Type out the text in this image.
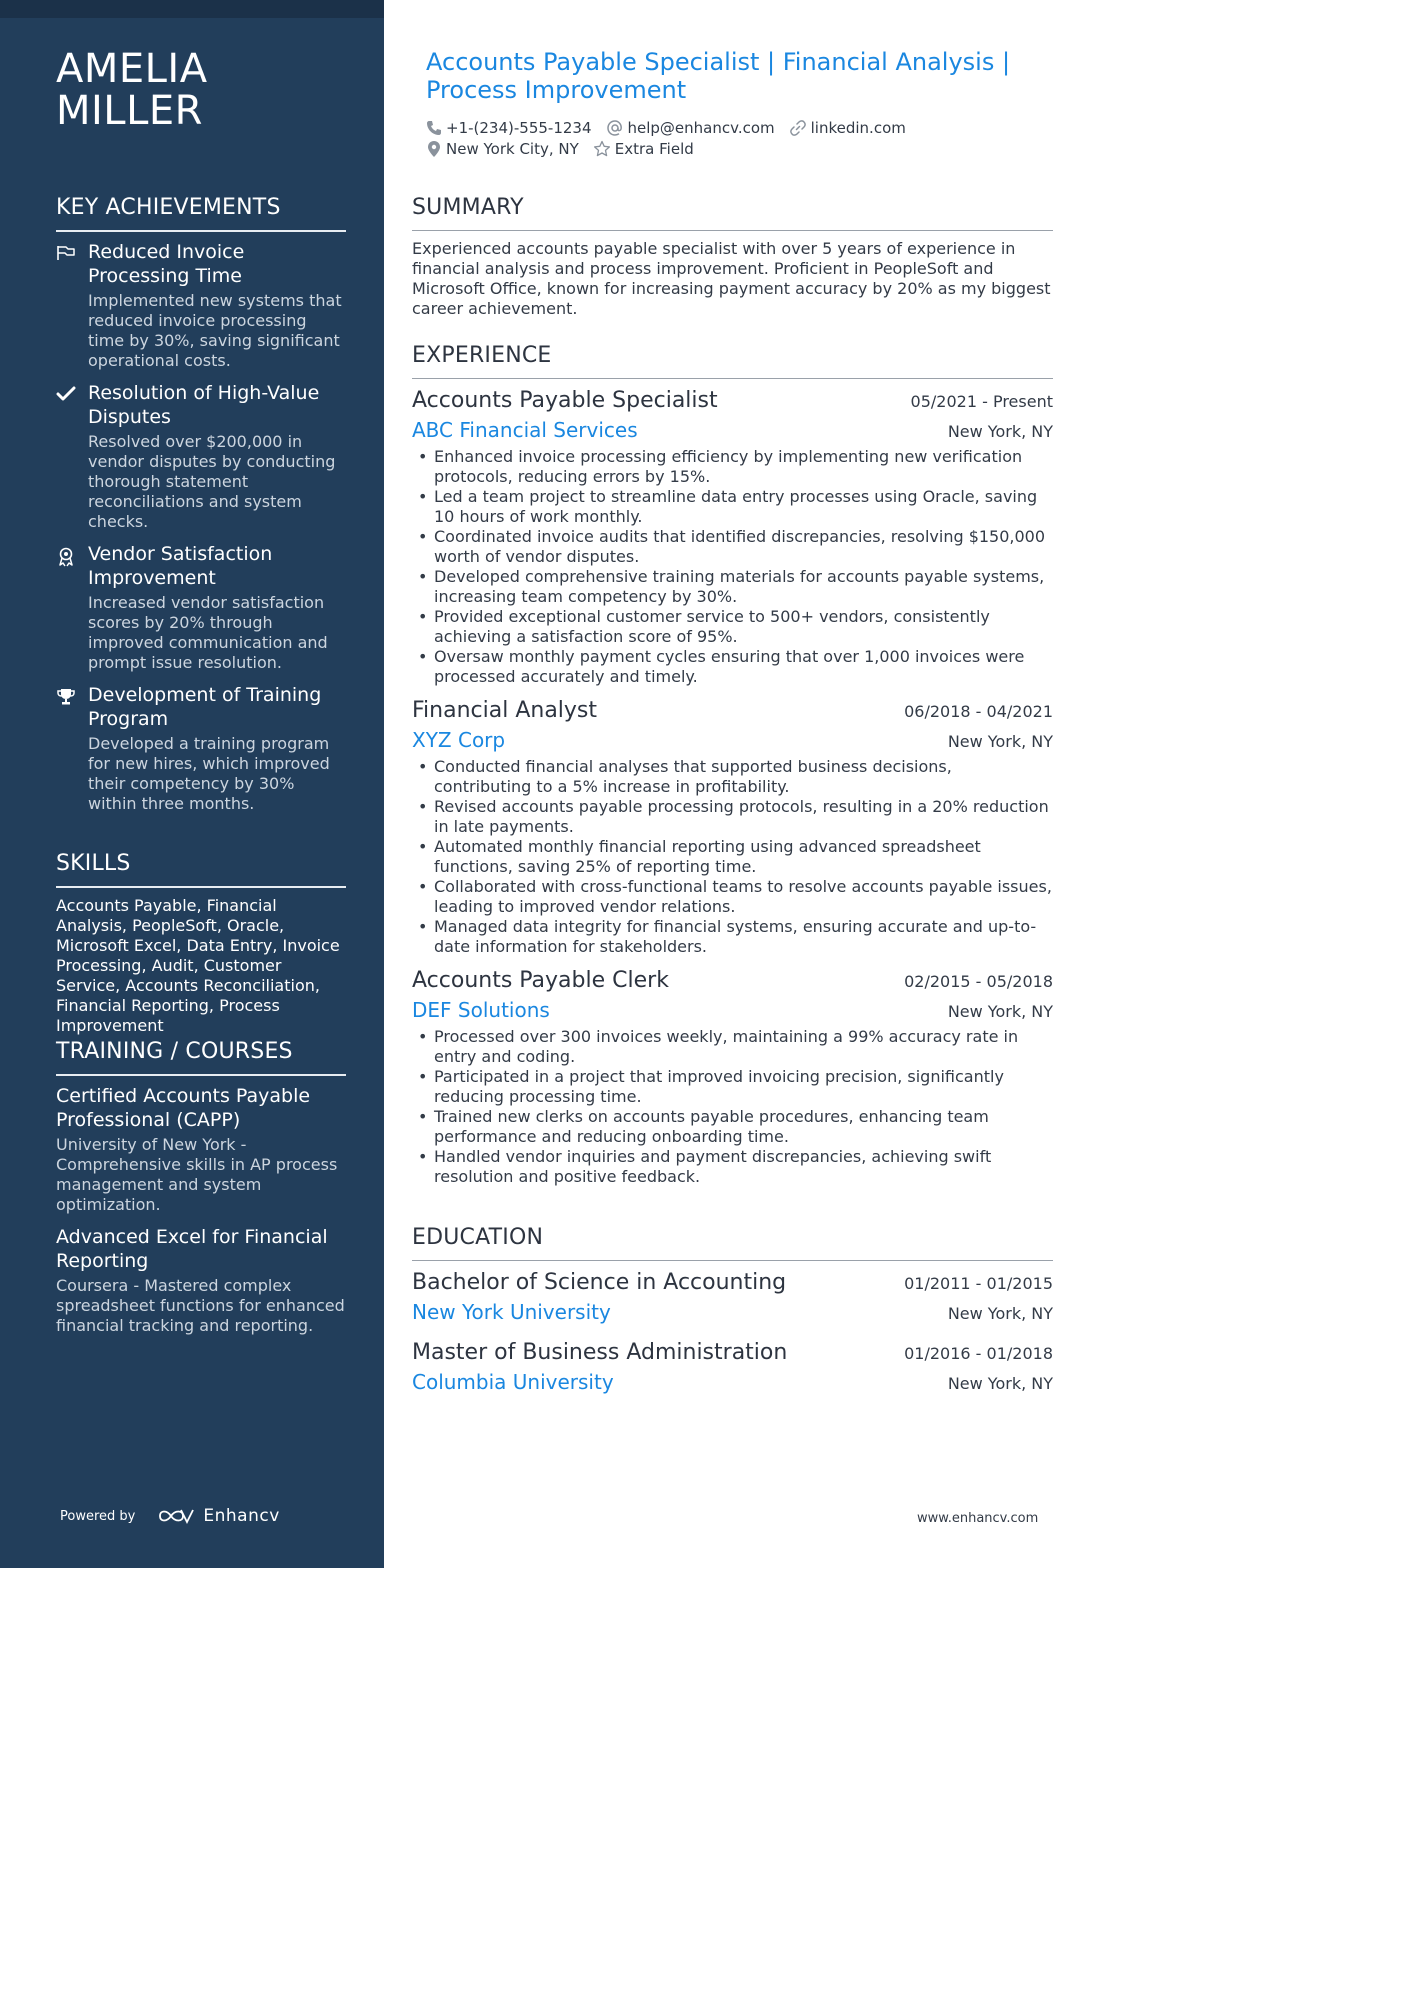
AMELIA
MILLER
KEY ACHIEVEMENTS
Reduced Invoice Processing Time
Implemented new systems that reduced invoice processing time by 30%, saving significant operational costs.
Resolution of High-Value Disputes
Resolved over $200,000 in vendor disputes by conducting thorough statement reconciliations and system checks.
Vendor Satisfaction Improvement
Increased vendor satisfaction scores by 20% through improved communication and prompt issue resolution.
Development of Training Program
Developed a training program for new hires, which improved their competency by 30% within three months.
SKILLS
Accounts Payable, Financial Analysis, PeopleSoft, Oracle, Microsoft Excel, Data Entry, Invoice Processing, Audit, Customer Service, Accounts Reconciliation, Financial Reporting, Process Improvement
TRAINING / COURSES
Certified Accounts Payable Professional (CAPP)
University of New York - Comprehensive skills in AP process management and system optimization.
Advanced Excel for Financial Reporting
Coursera - Mastered complex spreadsheet functions for enhanced financial tracking and reporting.
Powered by	Enhancv
Accounts Payable Specialist | Financial Analysis | Process Improvement
+1-(234)-555-1234 help@enhancv.com linkedin.com
New York City, NY Extra Field
SUMMARY
Experienced accounts payable specialist with over 5 years of experience in financial analysis and process improvement. Proficient in PeopleSoft and Microsoft Office, known for increasing payment accuracy by 20% as my biggest career achievement.
EXPERIENCE
Accounts Payable Specialist	05/2021 - Present
ABC Financial Services	New York, NY
• Enhanced invoice processing efficiency by implementing new verification protocols, reducing errors by 15%.
• Led a team project to streamline data entry processes using Oracle, saving 10 hours of work monthly.
• Coordinated invoice audits that identified discrepancies, resolving $150,000 worth of vendor disputes.
• Developed comprehensive training materials for accounts payable systems, increasing team competency by 30%.
• Provided exceptional customer service to 500+ vendors, consistently achieving a satisfaction score of 95%.
• Oversaw monthly payment cycles ensuring that over 1,000 invoices were processed accurately and timely.
Financial Analyst	06/2018 - 04/2021
XYZ Corp	New York, NY
• Conducted financial analyses that supported business decisions, contributing to a 5% increase in profitability.
• Revised accounts payable processing protocols, resulting in a 20% reduction in late payments.
• Automated monthly financial reporting using advanced spreadsheet functions, saving 25% of reporting time.
• Collaborated with cross-functional teams to resolve accounts payable issues, leading to improved vendor relations.
• Managed data integrity for financial systems, ensuring accurate and up-to-date information for stakeholders.
Accounts Payable Clerk	02/2015 - 05/2018
DEF Solutions	New York, NY
• Processed over 300 invoices weekly, maintaining a 99% accuracy rate in entry and coding.
• Participated in a project that improved invoicing precision, significantly reducing processing time.
• Trained new clerks on accounts payable procedures, enhancing team performance and reducing onboarding time.
• Handled vendor inquiries and payment discrepancies, achieving swift resolution and positive feedback.
EDUCATION
Bachelor of Science in Accounting	01/2011 - 01/2015
New York University	New York, NY
Master of Business Administration	01/2016 - 01/2018
Columbia University	New York, NY
www.enhancv.com
